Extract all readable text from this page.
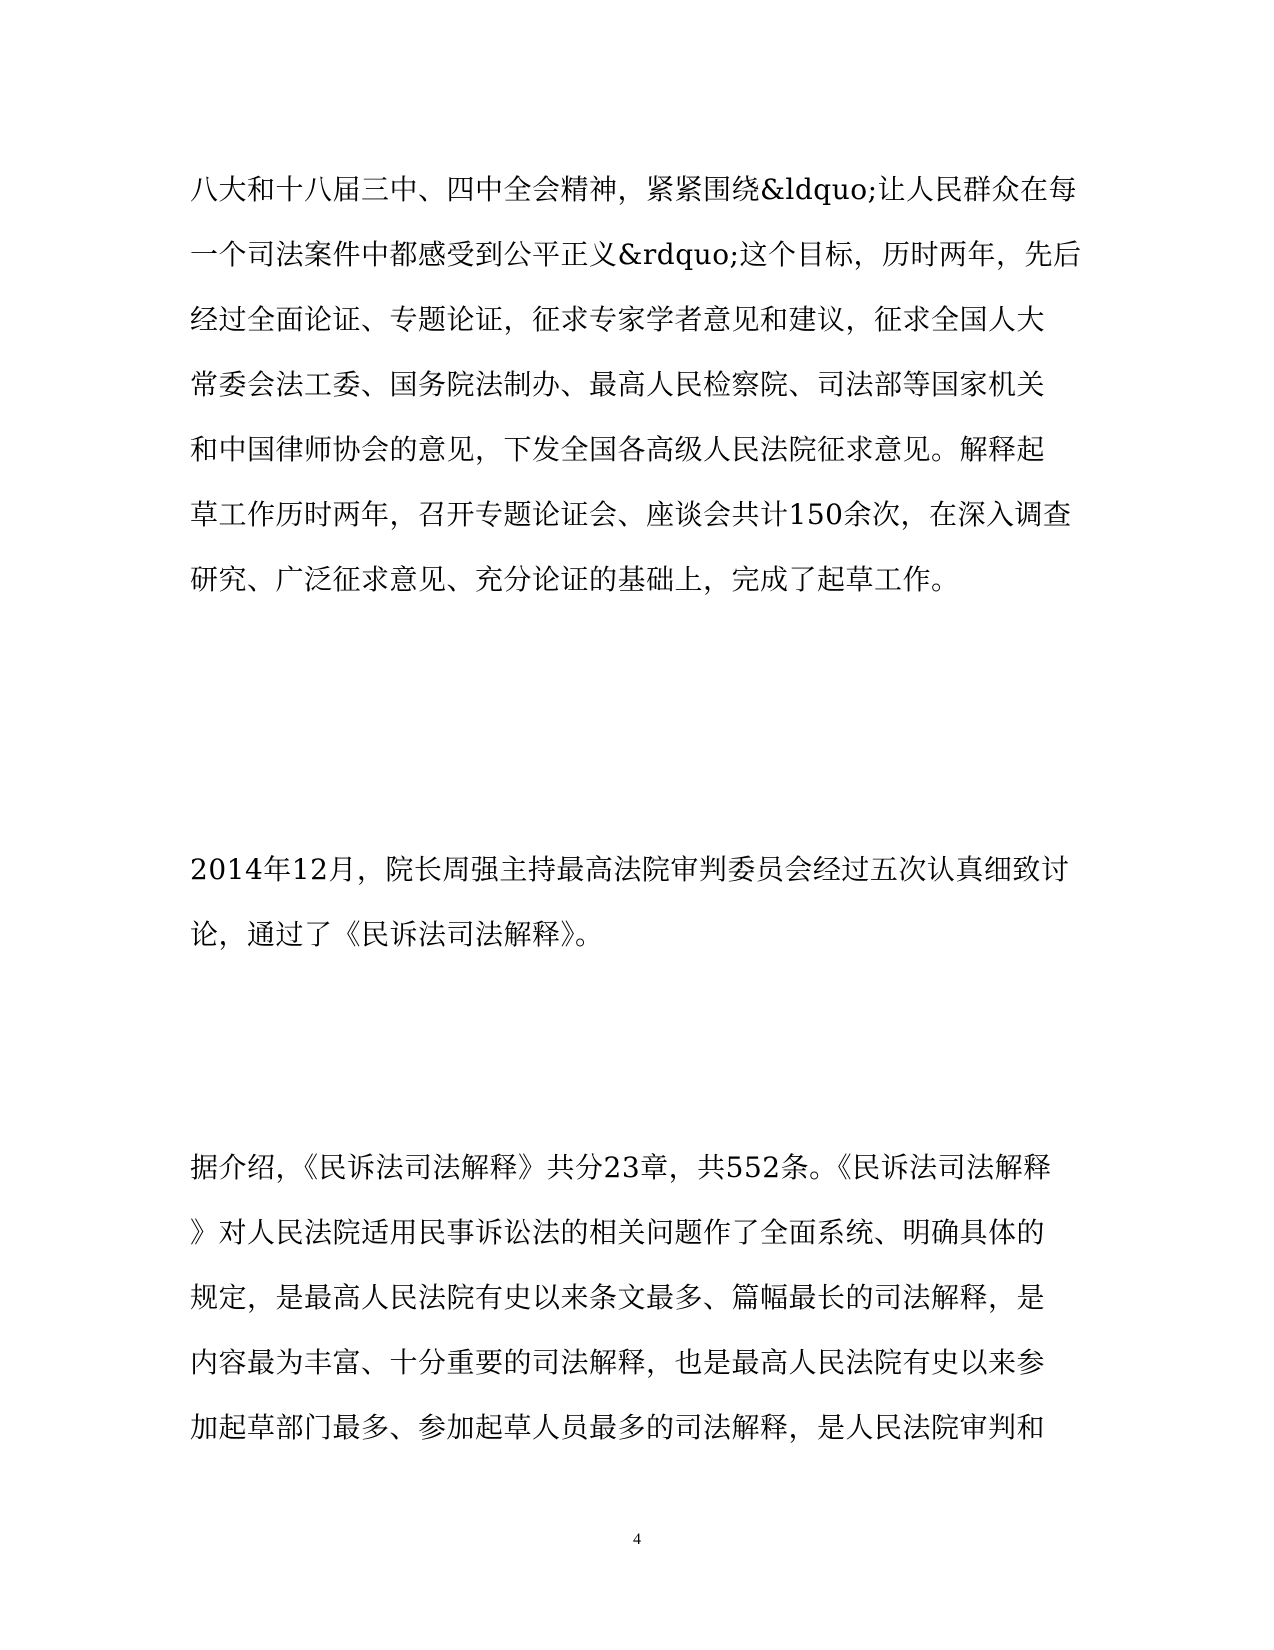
八大和十八届三中、四中全会精神，紧紧围绕&ldquo;让人民群众在每
一个司法案件中都感受到公平正义&rdquo;这个目标，历时两年，先后
经过全面论证、专题论证，征求专家学者意见和建议，征求全国人大
常委会法工委、国务院法制办、最高人民检察院、司法部等国家机关
和中国律师协会的意见，下发全国各高级人民法院征求意见。解释起
草工作历时两年，召开专题论证会、座谈会共计150余次，在深入调查
研究、广泛征求意见、充分论证的基础上，完成了起草工作。
2014年12月，院长周强主持最高法院审判委员会经过五次认真细致讨
论，通过了《民诉法司法解释》。
据介绍，《民诉法司法解释》共分23章，共552条。《民诉法司法解释
》对人民法院适用民事诉讼法的相关问题作了全面系统、明确具体的
规定，是最高人民法院有史以来条文最多、篇幅最长的司法解释，是
内容最为丰富、十分重要的司法解释，也是最高人民法院有史以来参
加起草部门最多、参加起草人员最多的司法解释，是人民法院审判和
4
